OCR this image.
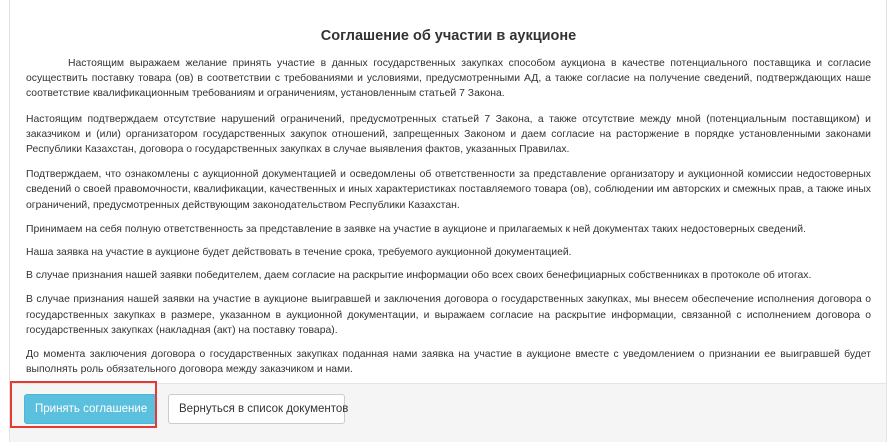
Соглашение об участии в аукционе

Настоящим выражаем желание принять участие в данных государственных закупках способом аукциона в качестве потенциального поставщика и согласие осуществить поставку товара (ов) в соответствии с требованиями и условиями, предусмотренными АД, а также согласие на получение сведений, подтверждающих наше соответствие квалификационным требованиям и ограничениям, установленным статьей 7 Закона.

Настоящим подтверждаем отсутствие нарушений ограничений, предусмотренных статьей 7 Закона, а также отсутствие между мной (потенциальным поставщиком) и заказчиком и (или) организатором государственных закупок отношений, запрещенных Законом и даем согласие на расторжение в порядке установленными законами Республики Казахстан, договора о государственных закупках в случае выявления фактов, указанных Правилах.

Подтверждаем, что ознакомлены с аукционной документацией и осведомлены об ответственности за представление организатору и аукционной комиссии недостоверных сведений о своей правомочности, квалификации, качественных и иных характеристиках поставляемого товара (ов), соблюдении им авторских и смежных прав, а также иных ограничений, предусмотренных действующим законодательством Республики Казахстан.

Принимаем на себя полную ответственность за представление в заявке на участие в аукционе и прилагаемых к ней документах таких недостоверных сведений.

Наша заявка на участие в аукционе будет действовать в течение срока, требуемого аукционной документацией.

В случае признания нашей заявки победителем, даем согласие на раскрытие информации обо всех своих бенефициарных собственниках в протоколе об итогах.

В случае признания нашей заявки на участие в аукционе выигравшей и заключения договора о государственных закупках, мы внесем обеспечение исполнения договора о государственных закупках в размере, указанном в аукционной документации, и выражаем согласие на раскрытие информации, связанной с исполнением договора о государственных закупках (накладная (акт) на поставку товара).

До момента заключения договора о государственных закупках поданная нами заявка на участие в аукционе вместе с уведомлением о признании ее выигравшей будет выполнять роль обязательного договора между заказчиком и нами.

Принять соглашение	Вернуться в список документов
